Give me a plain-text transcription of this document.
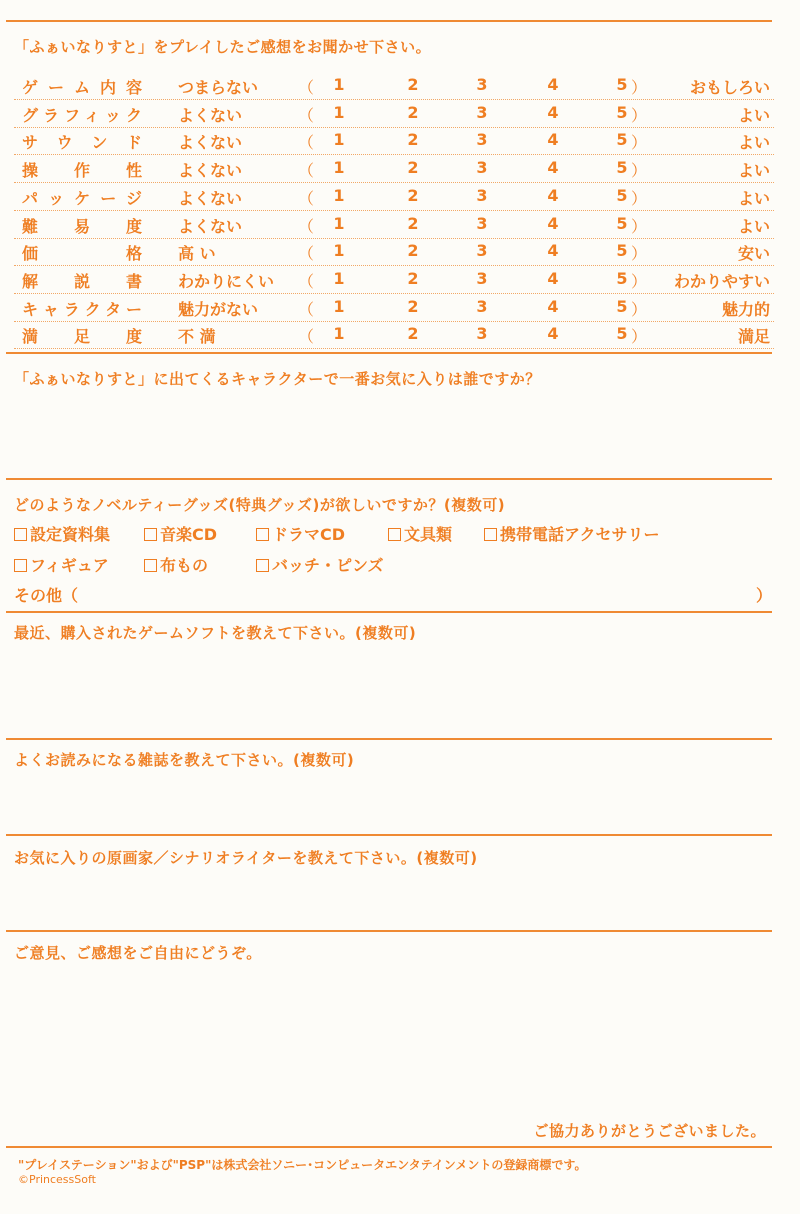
「ふぁいなりすと」をプレイしたご感想をお聞かせ下さい。
ゲーム内容 つまらない （ 1	2	3	4	5 ）	おもしろい
グラフィック よくない	（ 1	2	3	4	5 ）	よい
サウンド よくない	（ 1	2	3	4	5 ）	よい
操作性 よくない	（ 1	2	3	4	5 ）	よい
パッケージ よくない	（ 1	2	3	4	5 ）	よい
難易度 よくない	（ 1	2	3	4	5 ）	よい
価格 高 い	（ 1	2	3	4	5 ）	安い
解説書 わかりにくい （ 1	2	3	4	5 ） わかりやすい
キャラクター 魅力がない （ 1	2	3	4	5 ）	魅力的
満足度 不 満	（ 1	2	3	4	5 ）	満足
「ふぁいなりすと」に出てくるキャラクターで一番お気に入りは誰ですか？
どのようなノベルティーグッズ(特典グッズ)が欲しいですか？(複数可)
設定資料集	音楽CD	ドラマCD	文具類	携帯電話アクセサリー
フィギュア	布もの	バッチ・ピンズ
その他（	）
最近、購入されたゲームソフトを教えて下さい。(複数可)
よくお読みになる雑誌を教えて下さい。(複数可)
お気に入りの原画家／シナリオライターを教えて下さい。(複数可)
ご意見、ご感想をご自由にどうぞ。
ご協力ありがとうございました。
"プレイステーション"および"PSP"は株式会社ソニー･コンピュータエンタテインメントの登録商標です。
©PrincessSoft
